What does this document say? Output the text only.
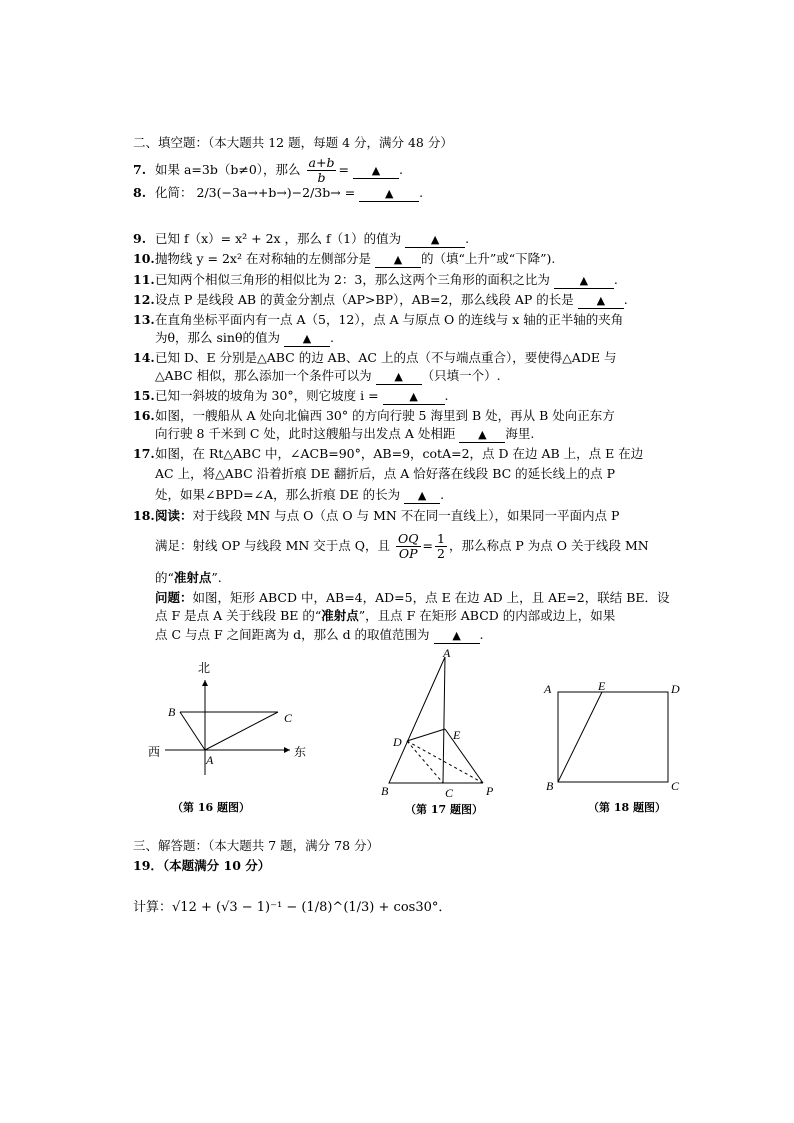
二、填空题：（本大题共 12 题，每题 4 分，满分 48 分）
7. 如果 a=3b（b≠0），那么 $\frac{a+b}{b}$ = ▲ .
8. 化简： 2/3(−3a→+b→)−2/3b→ =	▲ .
9. 已知 f（x）= x² + 2x ，那么 f（1）的值为	▲ .
10.抛物线 y = 2x² 在对称轴的左侧部分是 ▲ 的（填“上升”或“下降”).
11.已知两个相似三角形的相似比为 2：3，那么这两个三角形的面积之比为	▲ .
12.设点 P 是线段 AB 的黄金分割点（AP>BP），AB=2，那么线段 AP 的长是 ▲ .
13.在直角坐标平面内有一点 A（5，12），点 A 与原点 O 的连线与 x 轴的正半轴的夹角
为θ，那么 sinθ的值为 ▲ .
14.已知 D、E 分别是△ABC 的边 AB、AC 上的点（不与端点重合），要使得△ADE 与
△ABC 相似，那么添加一个条件可以为 ▲ （只填一个）.
15.已知一斜坡的坡角为 30°，则它坡度 i =	▲ .
16.如图，一艘船从 A 处向北偏西 30° 的方向行驶 5 海里到 B 处，再从 B 处向正东方
向行驶 8 千米到 C 处，此时这艘船与出发点 A 处相距 ▲ 海里.
17.如图，在 Rt△ABC 中，∠ACB=90°，AB=9，cotA=2，点 D 在边 AB 上，点 E 在边
AC 上，将△ABC 沿着折痕 DE 翻折后，点 A 恰好落在线段 BC 的延长线上的点 P
处，如果∠BPD=∠A，那么折痕 DE 的长为 ▲ .
18.阅读：对于线段 MN 与点 O（点 O 与 MN 不在同一直线上），如果同一平面内点 P
满足：射线 OP 与线段 MN 交于点 Q，且 $\frac{OQ}{OP} = \frac{1}{2}$ ，那么称点 P 为点 O 关于线段 MN
的“准射点”.
问题：如图，矩形 ABCD 中，AB=4，AD=5，点 E 在边 AD 上，且 AE=2，联结 BE．设
点 F 是点 A 关于线段 BE 的“准射点”，且点 F 在矩形 ABCD 的内部或边上，如果
点 C 与点 F 之间距离为 d，那么 d 的取值范围为 ▲ .
北
西	东
A
B	C
（第 16 题图）
A
B	C
D	E
P
（第 17 题图）
A	E	D
B	C
（第 18 题图）
三、解答题：（本大题共 7 题，满分 78 分）
19．（本题满分 10 分）
计算：√12 + (√3 − 1)⁻¹ − (1/8)^(1/3) + cos30°．
